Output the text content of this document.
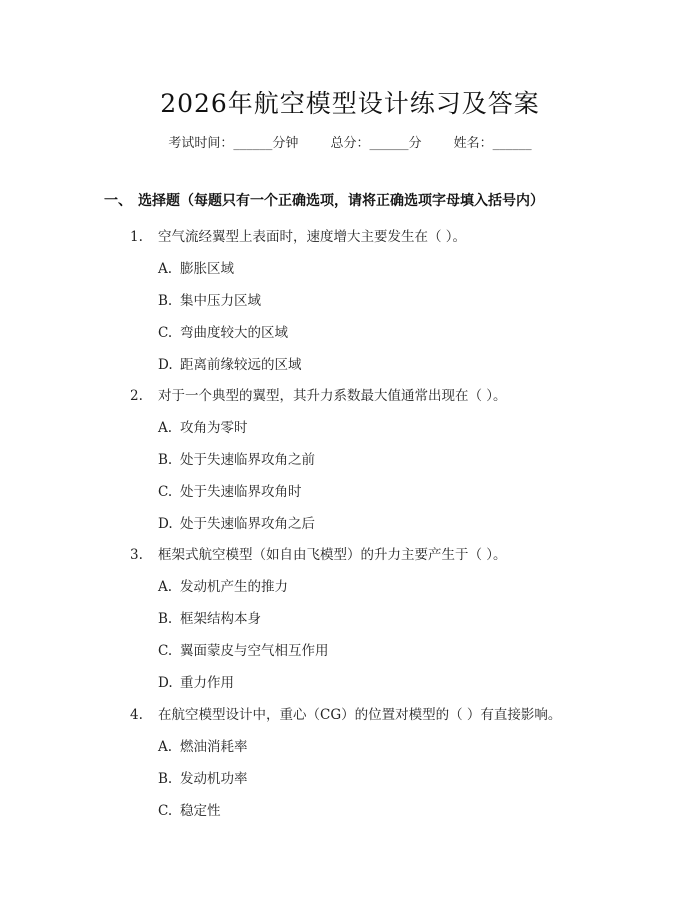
2026年航空模型设计练习及答案
考试时间：______分钟 总分：______分 姓名：______
一、 选择题（每题只有一个正确选项，请将正确选项字母填入括号内）
1. 空气流经翼型上表面时，速度增大主要发生在（ ）。
A. 膨胀区域
B. 集中压力区域
C. 弯曲度较大的区域
D. 距离前缘较远的区域
2. 对于一个典型的翼型，其升力系数最大值通常出现在（ ）。
A. 攻角为零时
B. 处于失速临界攻角之前
C. 处于失速临界攻角时
D. 处于失速临界攻角之后
3. 框架式航空模型（如自由飞模型）的升力主要产生于（ ）。
A. 发动机产生的推力
B. 框架结构本身
C. 翼面蒙皮与空气相互作用
D. 重力作用
4. 在航空模型设计中，重心（CG）的位置对模型的（ ）有直接影响。
A. 燃油消耗率
B. 发动机功率
C. 稳定性
